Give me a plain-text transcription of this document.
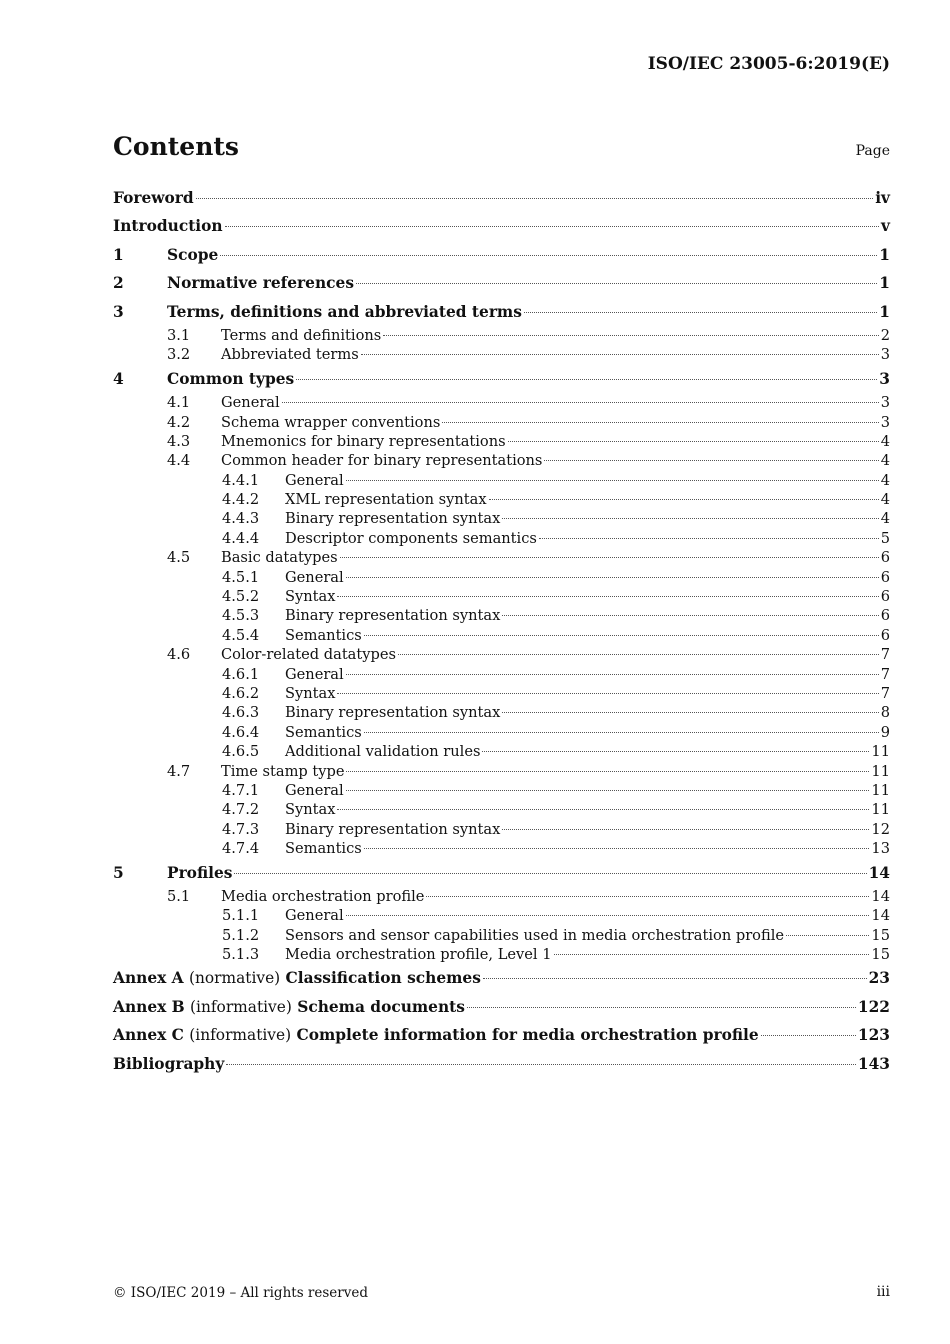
ISO/IEC 23005-6:2019(E)
Contents	Page
Foreword	iv
Introduction	v
1	Scope	1
2	Normative references	1
3	Terms, definitions and abbreviated terms	1
3.1	Terms and definitions	2
3.2	Abbreviated terms	3
4	Common types	3
4.1	General	3
4.2	Schema wrapper conventions	3
4.3	Mnemonics for binary representations	4
4.4	Common header for binary representations	4
4.4.1	General	4
4.4.2	XML representation syntax	4
4.4.3	Binary representation syntax	4
4.4.4	Descriptor components semantics	5
4.5	Basic datatypes	6
4.5.1	General	6
4.5.2	Syntax	6
4.5.3	Binary representation syntax	6
4.5.4	Semantics	6
4.6	Color-related datatypes	7
4.6.1	General	7
4.6.2	Syntax	7
4.6.3	Binary representation syntax	8
4.6.4	Semantics	9
4.6.5	Additional validation rules	11
4.7	Time stamp type	11
4.7.1	General	11
4.7.2	Syntax	11
4.7.3	Binary representation syntax	12
4.7.4	Semantics	13
5	Profiles	14
5.1	Media orchestration profile	14
5.1.1	General	14
5.1.2	Sensors and sensor capabilities used in media orchestration profile	15
5.1.3	Media orchestration profile, Level 1	15
Annex A (normative) Classification schemes	23
Annex B (informative) Schema documents	122
Annex C (informative) Complete information for media orchestration profile	123
Bibliography	143
© ISO/IEC 2019 – All rights reserved	iii
